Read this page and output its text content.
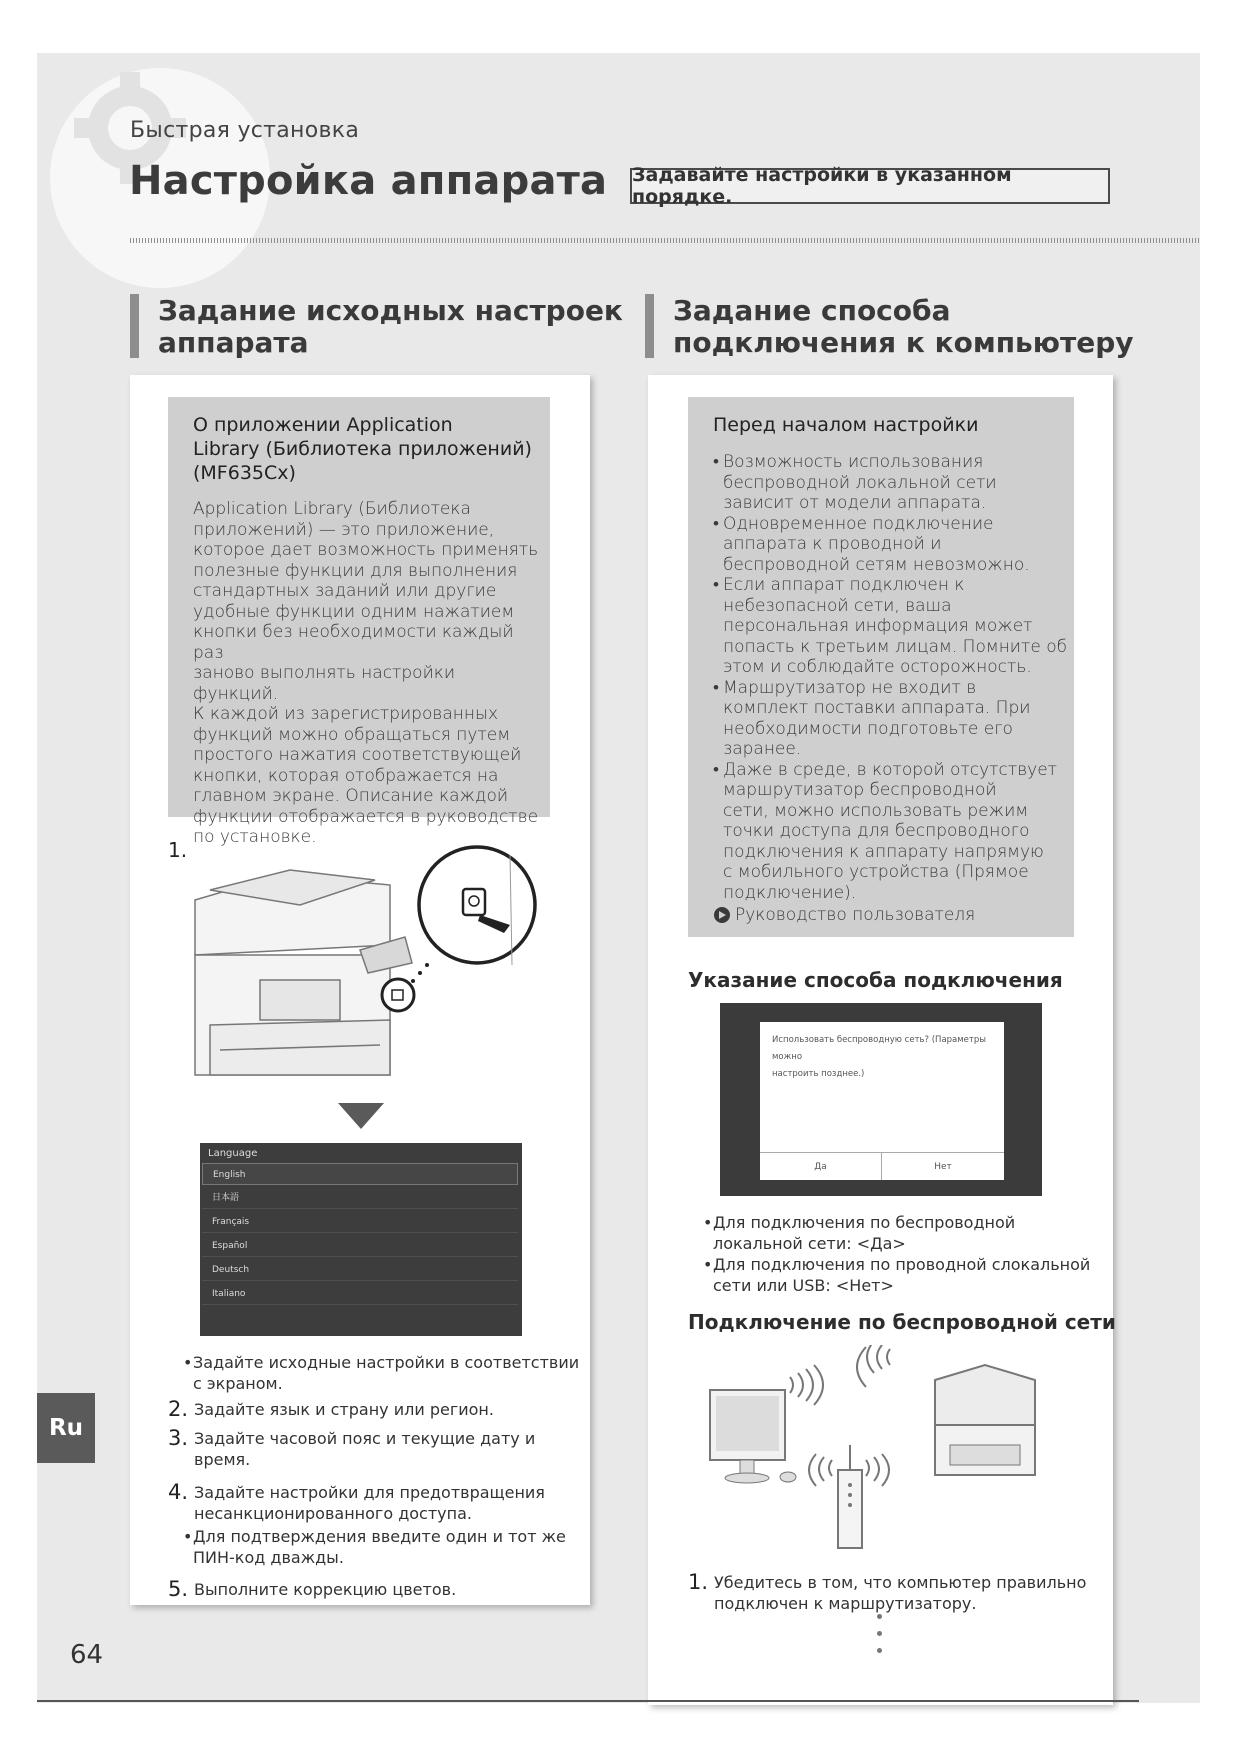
Быстрая установка
Настройка аппарата Задавайте настройки в указанном порядке.
Задание исходных настроек
аппарата
Задание способа
подключения к компьютеру
О приложении Application
Library (Библиотека приложений)
(MF635Cx)
Application Library (Библиотека
приложений) — это приложение,
которое дает возможность применять
полезные функции для выполнения
стандартных заданий или другие
удобные функции одним нажатием
кнопки без необходимости каждый раз
заново выполнять настройки функций.
К каждой из зарегистрированных
функций можно обращаться путем
простого нажатия соответствующей
кнопки, которая отображается на
главном экране. Описание каждой
функции отображается в руководстве
по установке.
1.
Language
English
日本語
Français
Español
Deutsch
Italiano
• Задайте исходные настройки в соответствии
с экраном.
2. Задайте язык и страну или регион.
3. Задайте часовой пояс и текущие дату и
время.
4. Задайте настройки для предотвращения
несанкционированного доступа.
• Для подтверждения введите один и тот же
ПИН-код дважды.
5. Выполните коррекцию цветов.
Перед началом настройки
• Возможность использования
беспроводной локальной сети
зависит от модели аппарата.
• Одновременное подключение
аппарата к проводной и
беспроводной сетям невозможно.
• Если аппарат подключен к
небезопасной сети, ваша
персональная информация может
попасть к третьим лицам. Помните об
этом и соблюдайте осторожность.
• Маршрутизатор не входит в
комплект поставки аппарата. При
необходимости подготовьте его
заранее.
• Даже в среде, в которой отсутствует
маршрутизатор беспроводной
сети, можно использовать режим
точки доступа для беспроводного
подключения к аппарату напрямую
с мобильного устройства (Прямое
подключение).
Руководство пользователя
Указание способа подключения
Использовать беспроводную сеть? (Параметры можно
настроить позднее.)
Да	Нет
• Для подключения по беспроводной
локальной сети: <Да>
• Для подключения по проводной слокальной
сети или USB: <Нет>
Подключение по беспроводной сети
1. Убедитесь в том, что компьютер правильно
подключен к маршрутизатору.
Ru
64
